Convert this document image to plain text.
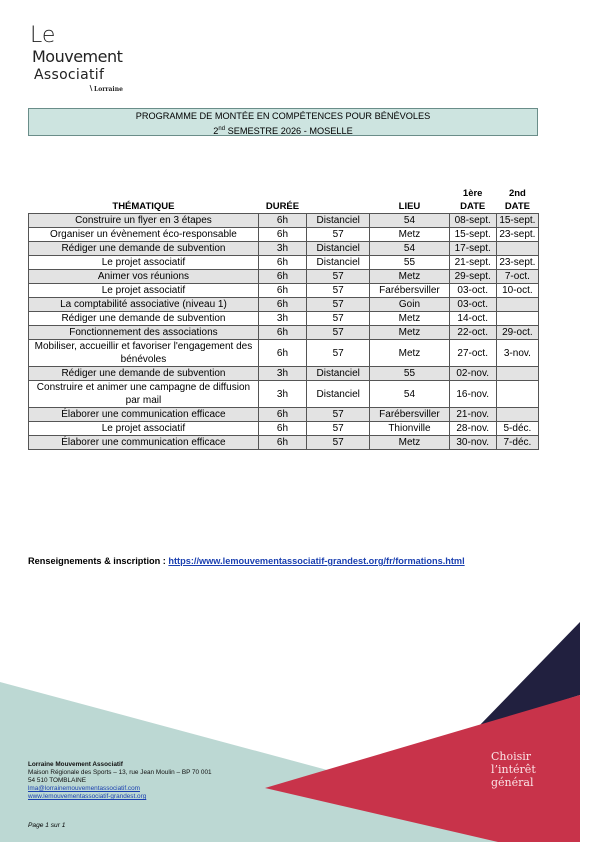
Le
Mouvement
Associatif
Lorraine
PROGRAMME DE MONTÉE EN COMPÉTENCES POUR BÉNÉVOLES
2nd SEMESTRE 2026 - MOSELLE
THÉMATIQUE	DURÉE		LIEU	1ère DATE	2nd DATE
Construire un flyer en 3 étapes	6h	Distanciel	54	08-sept.	15-sept.
Organiser un évènement éco-responsable	6h	57	Metz	15-sept.	23-sept.
Rédiger une demande de subvention	3h	Distanciel	54	17-sept.	
Le projet associatif	6h	Distanciel	55	21-sept.	23-sept.
Animer vos réunions	6h	57	Metz	29-sept.	7-oct.
Le projet associatif	6h	57	Farébersviller	03-oct.	10-oct.
La comptabilité associative (niveau 1)	6h	57	Goin	03-oct.	
Rédiger une demande de subvention	3h	57	Metz	14-oct.	
Fonctionnement des associations	6h	57	Metz	22-oct.	29-oct.
Mobiliser, accueillir et favoriser l'engagement des bénévoles	6h	57	Metz	27-oct.	3-nov.
Rédiger une demande de subvention	3h	Distanciel	55	02-nov.	
Construire et animer une campagne de diffusion par mail	3h	Distanciel	54	16-nov.	
Élaborer une communication efficace	6h	57	Farébersviller	21-nov.	
Le projet associatif	6h	57	Thionville	28-nov.	5-déc.
Élaborer une communication efficace	6h	57	Metz	30-nov.	7-déc.
Renseignements & inscription : https://www.lemouvementassociatif-grandest.org/fr/formations.html
Choisir
l’intérêt
général
Lorraine Mouvement Associatif
Maison Régionale des Sports – 13, rue Jean Moulin – BP 70 001
54 510 TOMBLAINE
lma@lorrainemouvementassociatif.com
www.lemouvementassociatif-grandest.org
Page 1 sur 1
